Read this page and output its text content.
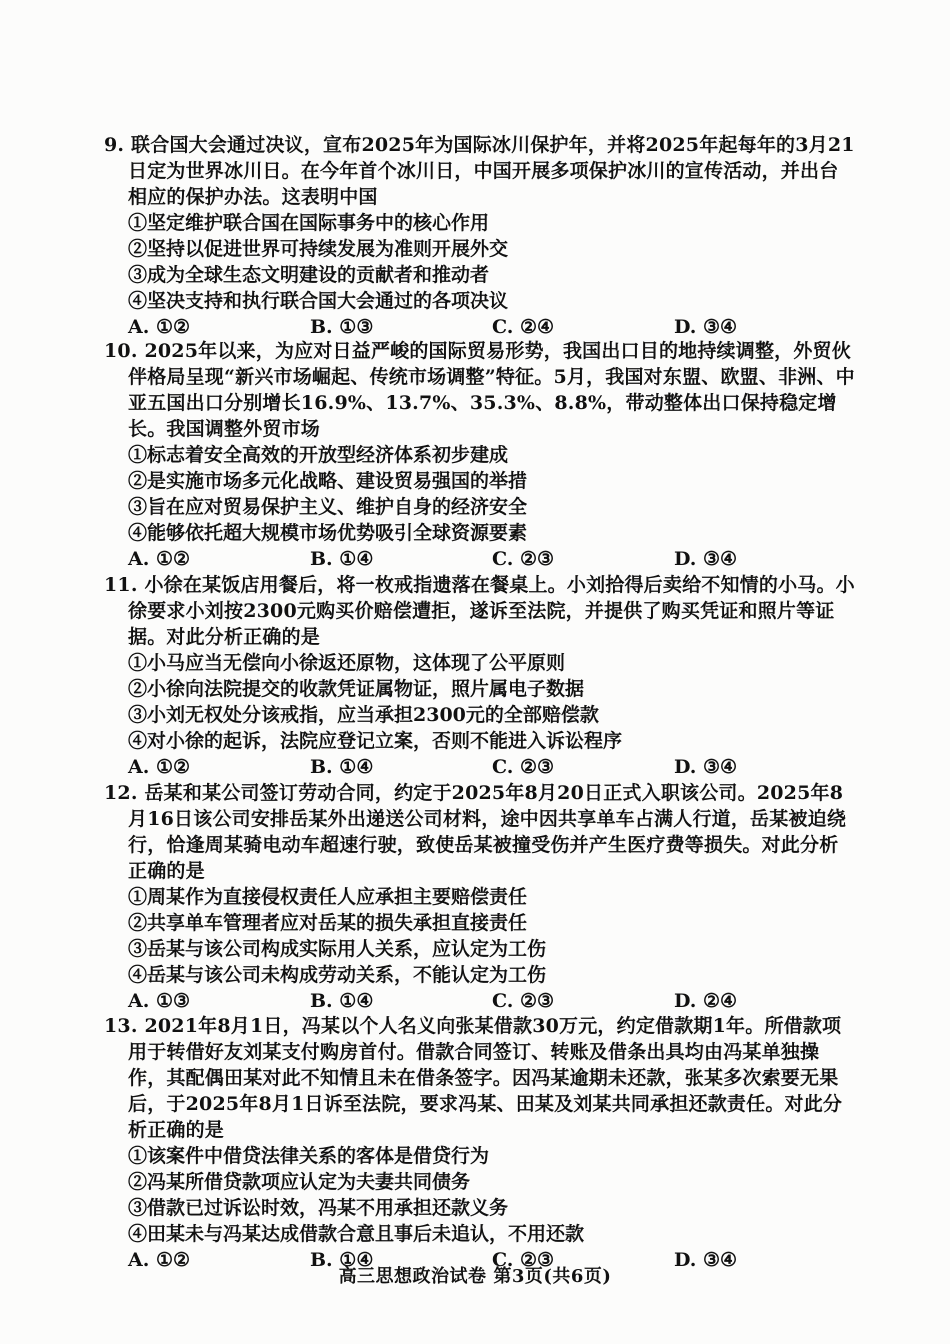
9. 联合国大会通过决议，宣布2025年为国际冰川保护年，并将2025年起每年的3月21日定为世界冰川日。在今年首个冰川日，中国开展多项保护冰川的宣传活动，并出台相应的保护办法。这表明中国

①坚定维护联合国在国际事务中的核心作用
②坚持以促进世界可持续发展为准则开展外交
③成为全球生态文明建设的贡献者和推动者
④坚决支持和执行联合国大会通过的各项决议
A. ①②	B. ①③	C. ②④	D. ③④

10. 2025年以来，为应对日益严峻的国际贸易形势，我国出口目的地持续调整，外贸伙伴格局呈现“新兴市场崛起、传统市场调整”特征。5月，我国对东盟、欧盟、非洲、中亚五国出口分别增长16.9%、13.7%、35.3%、8.8%，带动整体出口保持稳定增长。我国调整外贸市场

①标志着安全高效的开放型经济体系初步建成
②是实施市场多元化战略、建设贸易强国的举措
③旨在应对贸易保护主义、维护自身的经济安全
④能够依托超大规模市场优势吸引全球资源要素
A. ①②	B. ①④	C. ②③	D. ③④

11. 小徐在某饭店用餐后，将一枚戒指遗落在餐桌上。小刘拾得后卖给不知情的小马。小徐要求小刘按2300元购买价赔偿遭拒，遂诉至法院，并提供了购买凭证和照片等证据。对此分析正确的是

①小马应当无偿向小徐返还原物，这体现了公平原则
②小徐向法院提交的收款凭证属物证，照片属电子数据
③小刘无权处分该戒指，应当承担2300元的全部赔偿款
④对小徐的起诉，法院应登记立案，否则不能进入诉讼程序
A. ①②	B. ①④	C. ②③	D. ③④

12. 岳某和某公司签订劳动合同，约定于2025年8月20日正式入职该公司。2025年8月16日该公司安排岳某外出递送公司材料，途中因共享单车占满人行道，岳某被迫绕行，恰逢周某骑电动车超速行驶，致使岳某被撞受伤并产生医疗费等损失。对此分析正确的是

①周某作为直接侵权责任人应承担主要赔偿责任
②共享单车管理者应对岳某的损失承担直接责任
③岳某与该公司构成实际用人关系，应认定为工伤
④岳某与该公司未构成劳动关系，不能认定为工伤
A. ①③	B. ①④	C. ②③	D. ②④

13. 2021年8月1日，冯某以个人名义向张某借款30万元，约定借款期1年。所借款项用于转借好友刘某支付购房首付。借款合同签订、转账及借条出具均由冯某单独操作，其配偶田某对此不知情且未在借条签字。因冯某逾期未还款，张某多次索要无果后，于2025年8月1日诉至法院，要求冯某、田某及刘某共同承担还款责任。对此分析正确的是

①该案件中借贷法律关系的客体是借贷行为
②冯某所借贷款项应认定为夫妻共同债务
③借款已过诉讼时效，冯某不用承担还款义务
④田某未与冯某达成借款合意且事后未追认，不用还款
A. ①②	B. ①④	C. ②③	D. ③④
高三思想政治试卷 第3页(共6页)
